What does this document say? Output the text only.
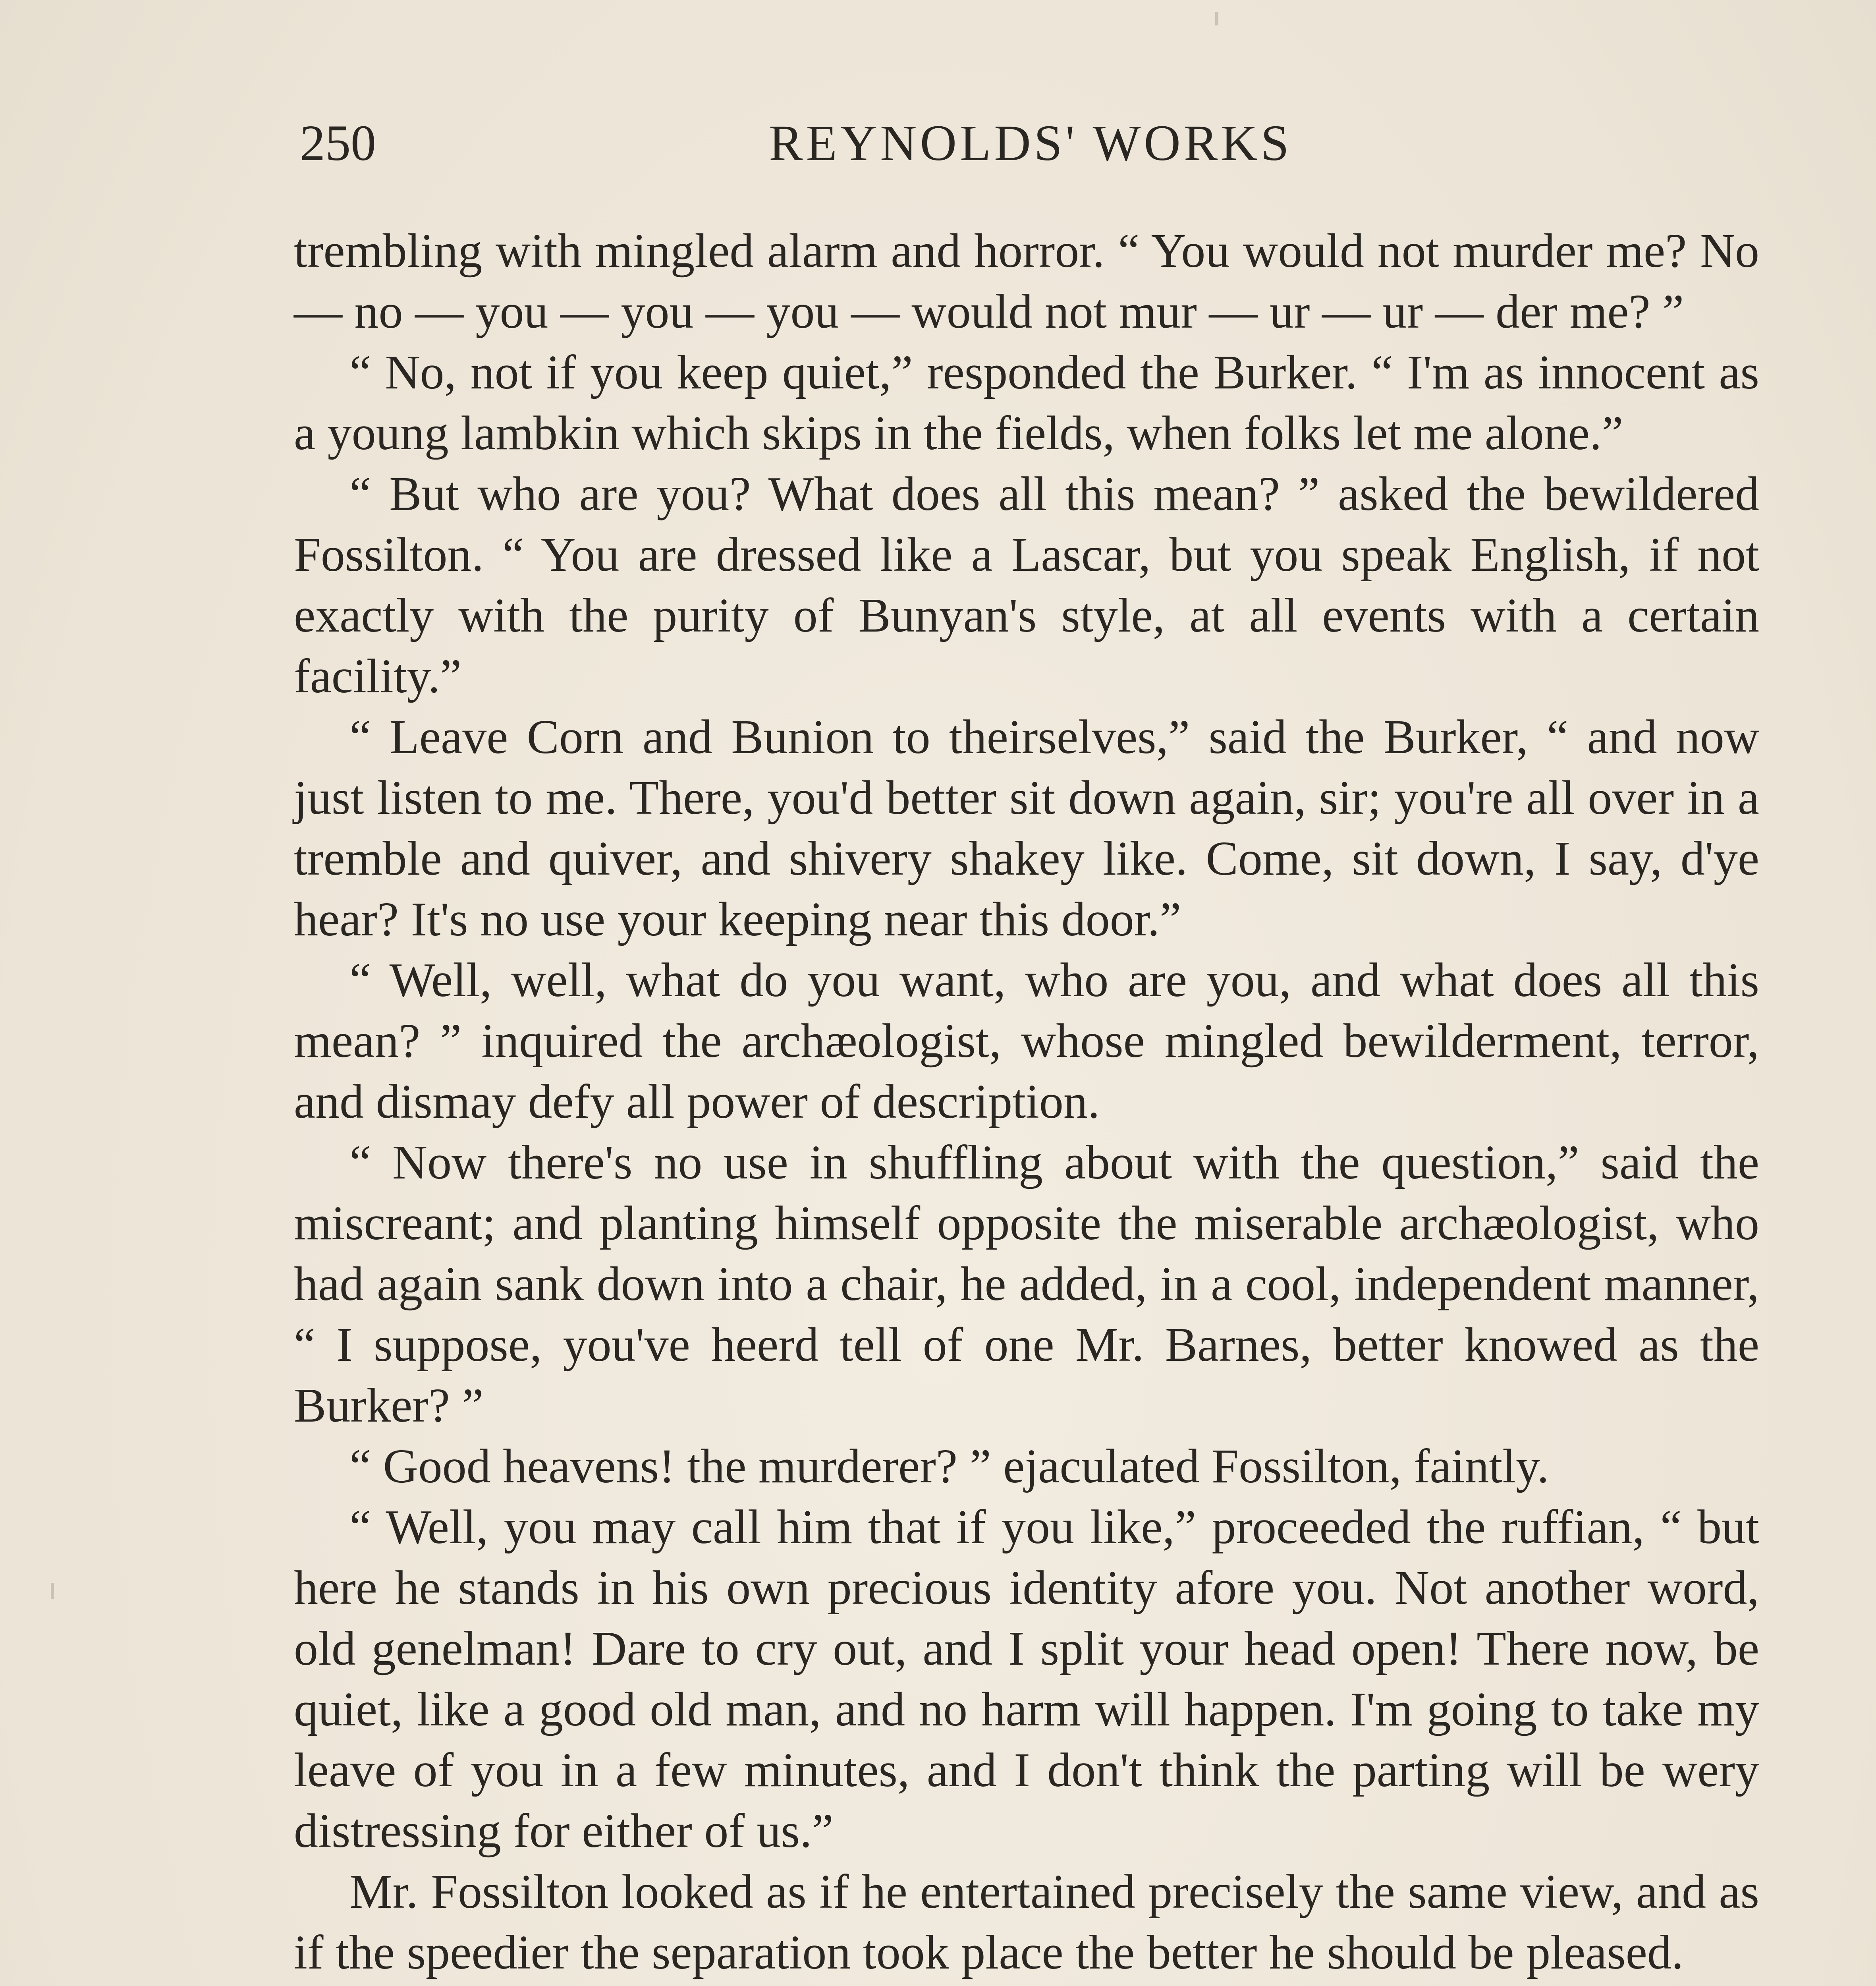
250	REYNOLDS' WORKS

trembling with mingled alarm and horror. “ You would not murder me? No — no — you — you — you — would not mur — ur — ur — der me? ”

“ No, not if you keep quiet,” responded the Burker. “ I'm as innocent as a young lambkin which skips in the fields, when folks let me alone.”

“ But who are you? What does all this mean? ” asked the bewildered Fossilton. “ You are dressed like a Lascar, but you speak English, if not exactly with the purity of Bunyan's style, at all events with a certain facility.”

“ Leave Corn and Bunion to theirselves,” said the Burker, “ and now just listen to me. There, you'd better sit down again, sir; you're all over in a tremble and quiver, and shivery shakey like. Come, sit down, I say, d'ye hear? It's no use your keeping near this door.”

“ Well, well, what do you want, who are you, and what does all this mean? ” inquired the archæologist, whose mingled bewilderment, terror, and dismay defy all power of description.

“ Now there's no use in shuffling about with the question,” said the miscreant; and planting himself opposite the miserable archæologist, who had again sank down into a chair, he added, in a cool, independent manner, “ I suppose, you've heerd tell of one Mr. Barnes, better knowed as the Burker? ”

“ Good heavens! the murderer? ” ejaculated Fossilton, faintly.

“ Well, you may call him that if you like,” proceeded the ruffian, “ but here he stands in his own precious identity afore you. Not another word, old genelman! Dare to cry out, and I split your head open! There now, be quiet, like a good old man, and no harm will happen. I'm going to take my leave of you in a few minutes, and I don't think the parting will be wery distressing for either of us.”

Mr. Fossilton looked as if he entertained precisely the same view, and as if the speedier the separation took place the better he should be pleased.
